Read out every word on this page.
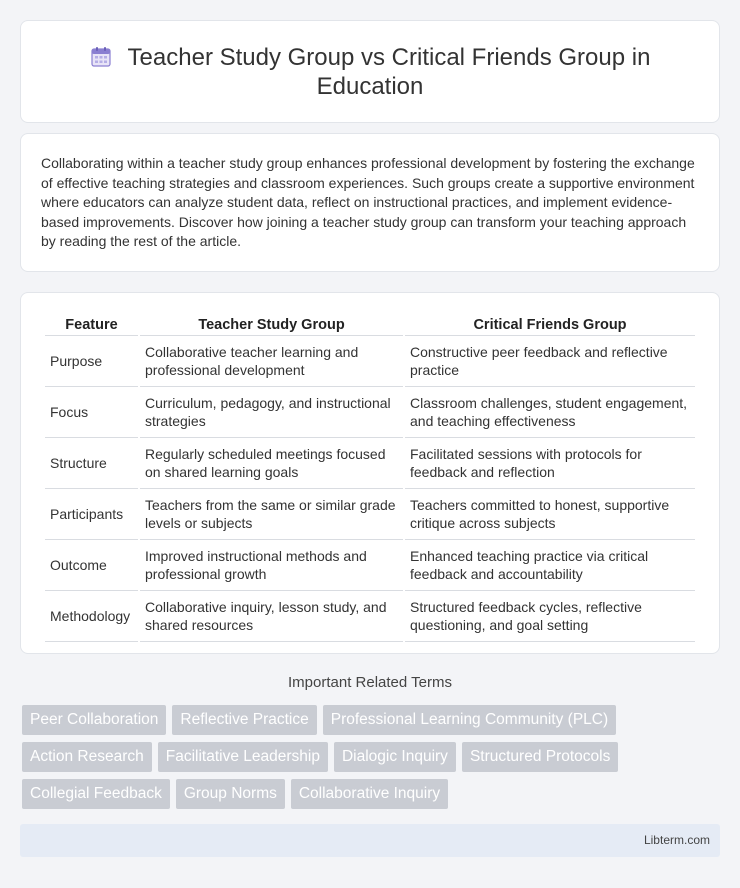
Teacher Study Group vs Critical Friends Group in Education

Collaborating within a teacher study group enhances professional development by fostering the exchange of effective teaching strategies and classroom experiences. Such groups create a supportive environment where educators can analyze student data, reflect on instructional practices, and implement evidence-based improvements. Discover how joining a teacher study group can transform your teaching approach by reading the rest of the article.

Feature	Teacher Study Group	Critical Friends Group
Purpose	Collaborative teacher learning and professional development	Constructive peer feedback and reflective practice
Focus	Curriculum, pedagogy, and instructional strategies	Classroom challenges, student engagement, and teaching effectiveness
Structure	Regularly scheduled meetings focused on shared learning goals	Facilitated sessions with protocols for feedback and reflection
Participants	Teachers from the same or similar grade levels or subjects	Teachers committed to honest, supportive critique across subjects
Outcome	Improved instructional methods and professional growth	Enhanced teaching practice via critical feedback and accountability
Methodology	Collaborative inquiry, lesson study, and shared resources	Structured feedback cycles, reflective questioning, and goal setting
Important Related Terms
Peer Collaboration	Reflective Practice	Professional Learning Community (PLC)
Action Research	Facilitative Leadership	Dialogic Inquiry	Structured Protocols
Collegial Feedback	Group Norms	Collaborative Inquiry
Libterm.com
